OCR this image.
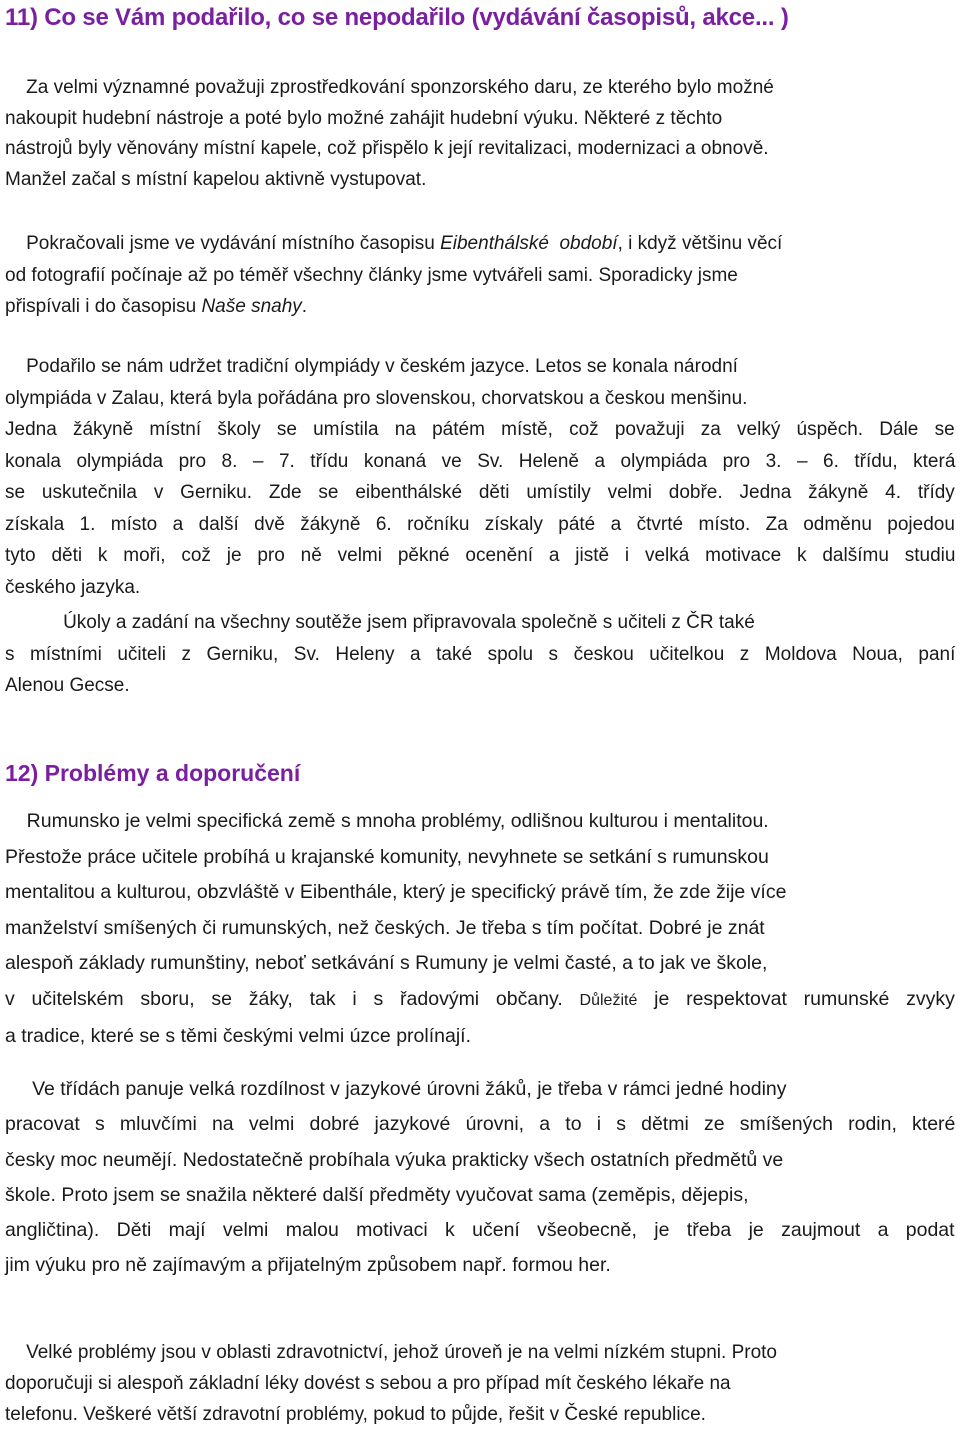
11) Co se Vám podařilo, co se nepodařilo (vydávání časopisů, akce... )

Za velmi významné považuji zprostředkování sponzorského daru, ze kterého bylo možné
nakoupit hudební nástroje a poté bylo možné zahájit hudební výuku. Některé z těchto
nástrojů byly věnovány místní kapele, což přispělo k její revitalizaci, modernizaci a obnově.
Manžel začal s místní kapelou aktivně vystupovat.

Pokračovali jsme ve vydávání místního časopisu Eibenthálské  období, i když většinu věcí
od fotografií počínaje až po téměř všechny články jsme vytvářeli sami. Sporadicky jsme
přispívali i do časopisu Naše snahy.

Podařilo se nám udržet tradiční olympiády v českém jazyce. Letos se konala národní
olympiáda v Zalau, která byla pořádána pro slovenskou, chorvatskou a českou menšinu.
Jedna žákyně místní školy se umístila na pátém místě, což považuji za velký úspěch. Dále se
konala olympiáda pro 8. – 7. třídu konaná ve Sv. Heleně a olympiáda pro 3. – 6. třídu, která
se uskutečnila v Gerniku. Zde se eibenthálské děti umístily velmi dobře. Jedna žákyně 4. třídy
získala 1. místo a další dvě žákyně 6. ročníku získaly páté a čtvrté místo. Za odměnu pojedou
tyto děti k moři, což je pro ně velmi pěkné ocenění a jistě i velká motivace k dalšímu studiu
českého jazyka.

Úkoly a zadání na všechny soutěže jsem připravovala společně s učiteli z ČR také
s místními učiteli z Gerniku, Sv. Heleny a také spolu s českou učitelkou z Moldova Noua, paní
Alenou Gecse.

12) Problémy a doporučení

Rumunsko je velmi specifická země s mnoha problémy, odlišnou kulturou i mentalitou.
Přestože práce učitele probíhá u krajanské komunity, nevyhnete se setkání s rumunskou
mentalitou a kulturou, obzvláště v Eibenthále, který je specifický právě tím, že zde žije více
manželství smíšených či rumunských, než českých. Je třeba s tím počítat. Dobré je znát
alespoň základy rumunštiny, neboť setkávání s Rumuny je velmi časté, a to jak ve škole,
v učitelském sboru, se žáky, tak i s řadovými občany. Důležité je respektovat rumunské zvyky
a tradice, které se s těmi českými velmi úzce prolínají.

Ve třídách panuje velká rozdílnost v jazykové úrovni žáků, je třeba v rámci jedné hodiny
pracovat s mluvčími na velmi dobré jazykové úrovni, a to i s dětmi ze smíšených rodin, které
česky moc neumějí. Nedostatečně probíhala výuka prakticky všech ostatních předmětů ve
škole. Proto jsem se snažila některé další předměty vyučovat sama (zeměpis, dějepis,
angličtina). Děti mají velmi malou motivaci k učení všeobecně, je třeba je zaujmout a podat
jim výuku pro ně zajímavým a přijatelným způsobem např. formou her.

Velké problémy jsou v oblasti zdravotnictví, jehož úroveň je na velmi nízkém stupni. Proto
doporučuji si alespoň základní léky dovést s sebou a pro případ mít českého lékaře na
telefonu. Veškeré větší zdravotní problémy, pokud to půjde, řešit v České republice.
